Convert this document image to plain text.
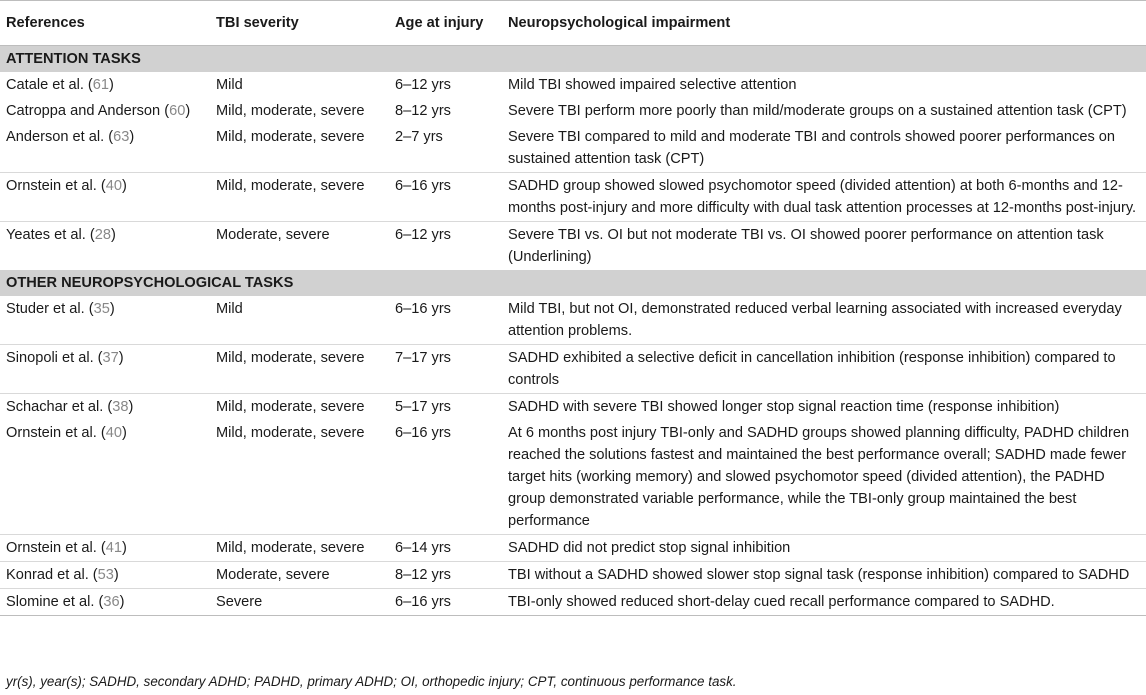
References	TBI severity	Age at injury	Neuropsychological impairment
ATTENTION TASKS			
Catale et al. (61)	Mild	6–12 yrs	Mild TBI showed impaired selective attention
Catroppa and Anderson (60)	Mild, moderate, severe	8–12 yrs	Severe TBI perform more poorly than mild/moderate groups on a sustained attention task (CPT)
Anderson et al. (63)	Mild, moderate, severe	2–7 yrs	Severe TBI compared to mild and moderate TBI and controls showed poorer performances on sustained attention task (CPT)
Ornstein et al. (40)	Mild, moderate, severe	6–16 yrs	SADHD group showed slowed psychomotor speed (divided attention) at both 6-months and 12-months post-injury and more difficulty with dual task attention processes at 12-months post-injury.
Yeates et al. (28)	Moderate, severe	6–12 yrs	Severe TBI vs. OI but not moderate TBI vs. OI showed poorer performance on attention task (Underlining)
OTHER NEUROPSYCHOLOGICAL TASKS			
Studer et al. (35)	Mild	6–16 yrs	Mild TBI, but not OI, demonstrated reduced verbal learning associated with increased everyday attention problems.
Sinopoli et al. (37)	Mild, moderate, severe	7–17 yrs	SADHD exhibited a selective deficit in cancellation inhibition (response inhibition) compared to controls
Schachar et al. (38)	Mild, moderate, severe	5–17 yrs	SADHD with severe TBI showed longer stop signal reaction time (response inhibition)
Ornstein et al. (40)	Mild, moderate, severe	6–16 yrs	At 6 months post injury TBI-only and SADHD groups showed planning difficulty, PADHD children reached the solutions fastest and maintained the best performance overall; SADHD made fewer target hits (working memory) and slowed psychomotor speed (divided attention), the PADHD group demonstrated variable performance, while the TBI-only group maintained the best performance
Ornstein et al. (41)	Mild, moderate, severe	6–14 yrs	SADHD did not predict stop signal inhibition
Konrad et al. (53)	Moderate, severe	8–12 yrs	TBI without a SADHD showed slower stop signal task (response inhibition) compared to SADHD
Slomine et al. (36)	Severe	6–16 yrs	TBI-only showed reduced short-delay cued recall performance compared to SADHD.
yr(s), year(s); SADHD, secondary ADHD; PADHD, primary ADHD; OI, orthopedic injury; CPT, continuous performance task.
